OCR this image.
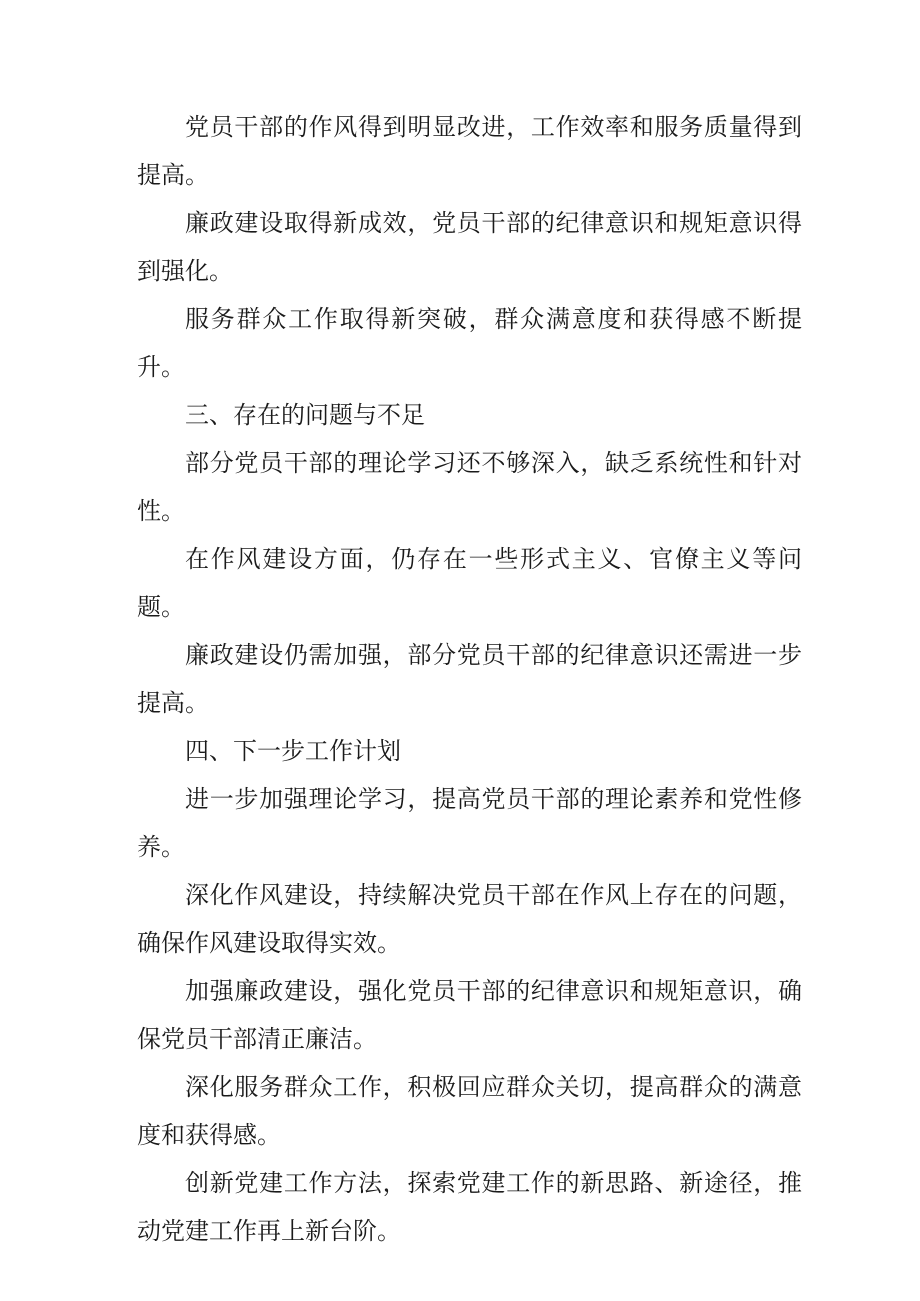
党员干部的作风得到明显改进，工作效率和服务质量得到提高。

廉政建设取得新成效，党员干部的纪律意识和规矩意识得到强化。

服务群众工作取得新突破，群众满意度和获得感不断提升。

三、存在的问题与不足

部分党员干部的理论学习还不够深入，缺乏系统性和针对性。

在作风建设方面，仍存在一些形式主义、官僚主义等问题。

廉政建设仍需加强，部分党员干部的纪律意识还需进一步提高。

四、下一步工作计划

进一步加强理论学习，提高党员干部的理论素养和党性修养。

深化作风建设，持续解决党员干部在作风上存在的问题，确保作风建设取得实效。

加强廉政建设，强化党员干部的纪律意识和规矩意识，确保党员干部清正廉洁。

深化服务群众工作，积极回应群众关切，提高群众的满意度和获得感。

创新党建工作方法，探索党建工作的新思路、新途径，推动党建工作再上新台阶。
